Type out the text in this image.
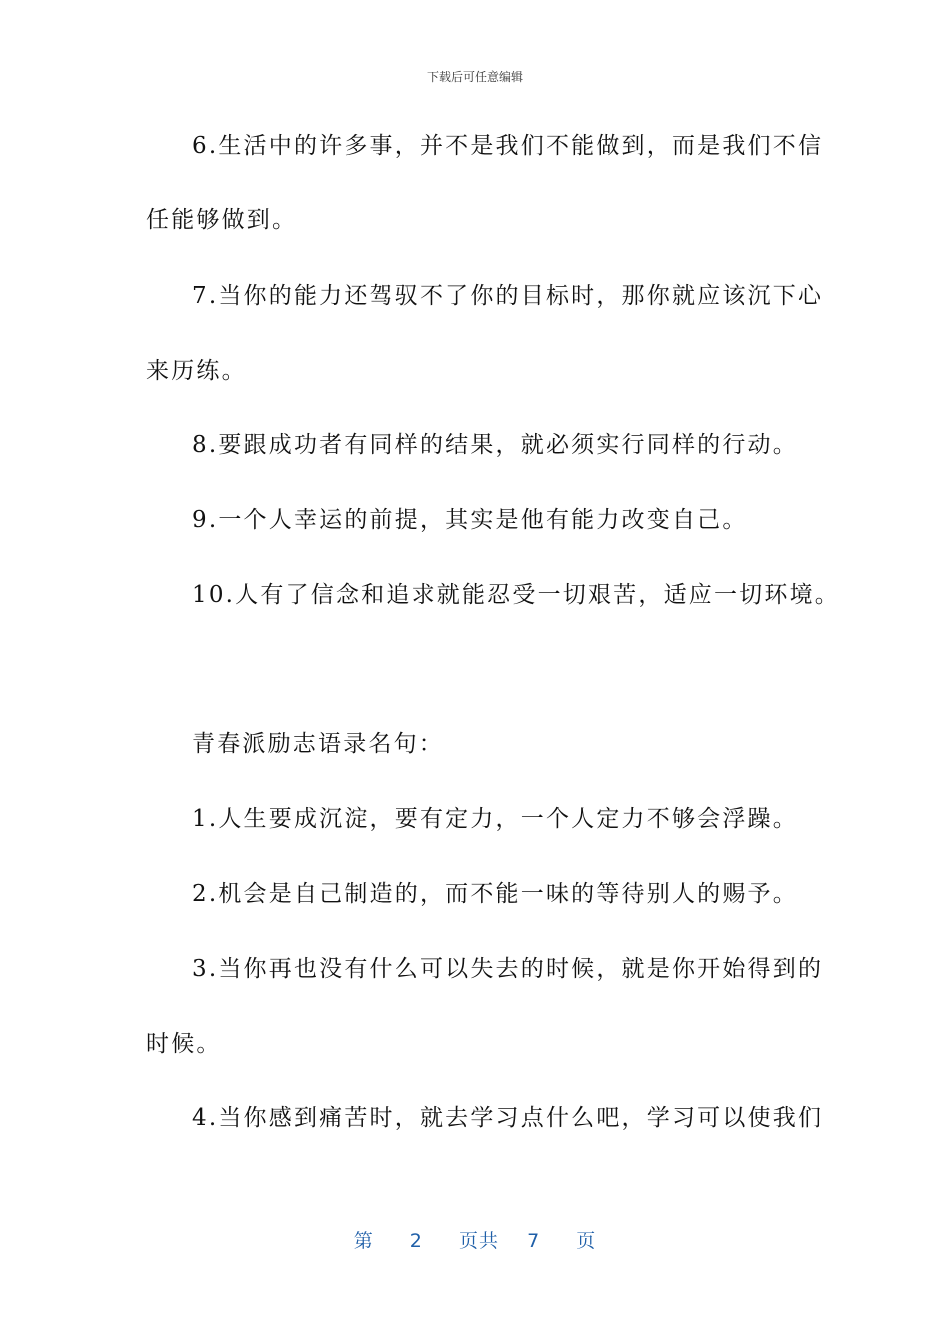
下载后可任意编辑
6.生活中的许多事，并不是我们不能做到，而是我们不信
任能够做到。
7.当你的能力还驾驭不了你的目标时，那你就应该沉下心
来历练。
8.要跟成功者有同样的结果，就必须实行同样的行动。
9.一个人幸运的前提，其实是他有能力改变自己。
10.人有了信念和追求就能忍受一切艰苦，适应一切环境。
青春派励志语录名句：
1.人生要成沉淀，要有定力，一个人定力不够会浮躁。
2.机会是自己制造的，而不能一味的等待别人的赐予。
3.当你再也没有什么可以失去的时候，就是你开始得到的
时候。
4.当你感到痛苦时，就去学习点什么吧，学习可以使我们
第 2 页共 7 页
